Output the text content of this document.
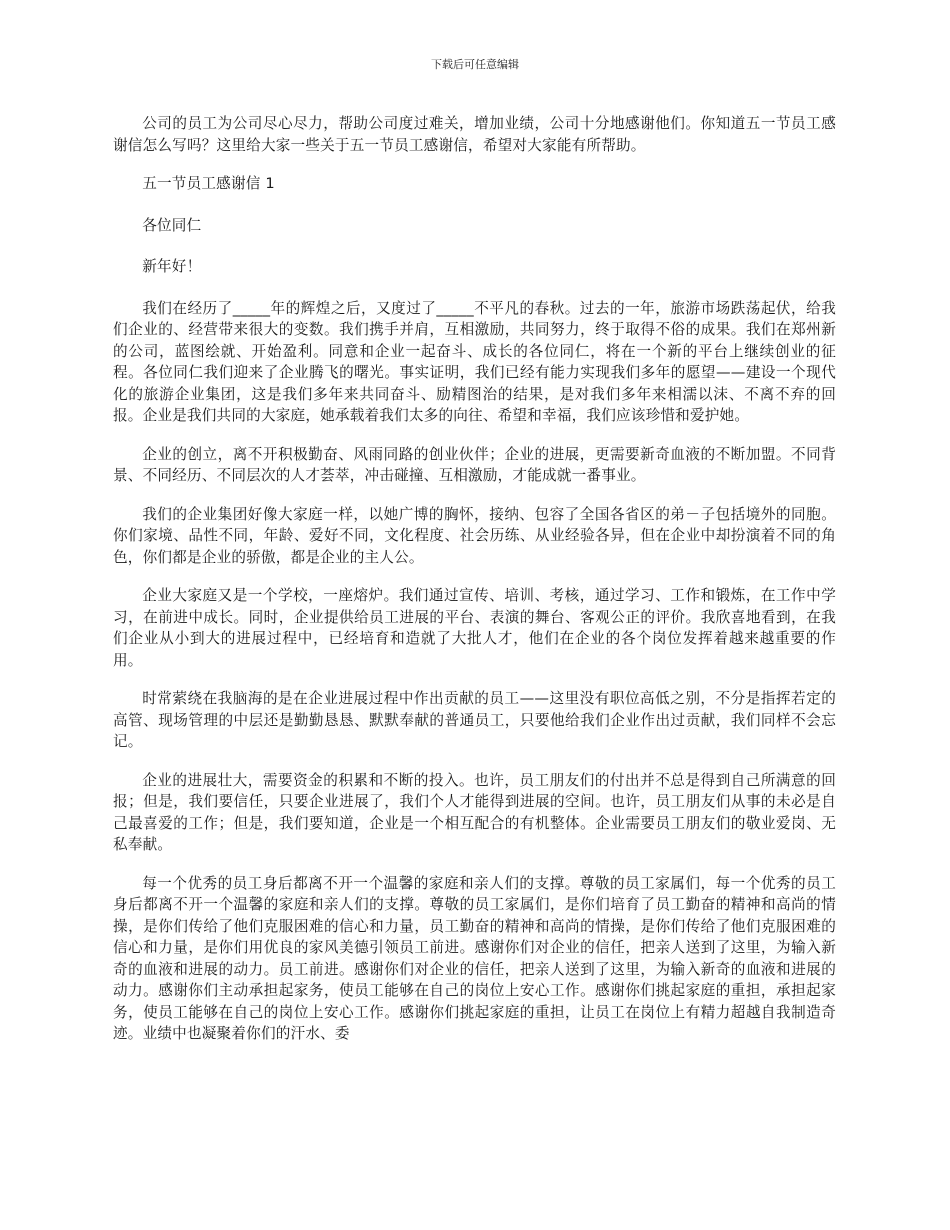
下载后可任意编辑

公司的员工为公司尽心尽力，帮助公司度过难关，增加业绩，公司十分地感谢他们。你知道五一节员工感谢信怎么写吗？这里给大家一些关于五一节员工感谢信，希望对大家能有所帮助。

五一节员工感谢信 1

各位同仁

新年好！

我们在经历了_____年的辉煌之后，又度过了_____不平凡的春秋。过去的一年，旅游市场跌荡起伏，给我们企业的、经营带来很大的变数。我们携手并肩，互相激励，共同努力，终于取得不俗的成果。我们在郑州新的公司，蓝图绘就、开始盈利。同意和企业一起奋斗、成长的各位同仁，将在一个新的平台上继续创业的征程。各位同仁我们迎来了企业腾飞的曙光。事实证明，我们已经有能力实现我们多年的愿望——建设一个现代化的旅游企业集团，这是我们多年来共同奋斗、励精图治的结果，是对我们多年来相濡以沫、不离不弃的回报。企业是我们共同的大家庭，她承载着我们太多的向往、希望和幸福，我们应该珍惜和爱护她。

企业的创立，离不开积极勤奋、风雨同路的创业伙伴；企业的进展，更需要新奇血液的不断加盟。不同背景、不同经历、不同层次的人才荟萃，冲击碰撞、互相激励，才能成就一番事业。

我们的企业集团好像大家庭一样，以她广博的胸怀，接纳、包容了全国各省区的弟－子包括境外的同胞。你们家境、品性不同，年龄、爱好不同，文化程度、社会历练、从业经验各异，但在企业中却扮演着不同的角色，你们都是企业的骄傲，都是企业的主人公。

企业大家庭又是一个学校，一座熔炉。我们通过宣传、培训、考核，通过学习、工作和锻炼，在工作中学习，在前进中成长。同时，企业提供给员工进展的平台、表演的舞台、客观公正的评价。我欣喜地看到，在我们企业从小到大的进展过程中，已经培育和造就了大批人才，他们在企业的各个岗位发挥着越来越重要的作用。

时常萦绕在我脑海的是在企业进展过程中作出贡献的员工——这里没有职位高低之别，不分是指挥若定的高管、现场管理的中层还是勤勤恳恳、默默奉献的普通员工，只要他给我们企业作出过贡献，我们同样不会忘记。

企业的进展壮大，需要资金的积累和不断的投入。也许，员工朋友们的付出并不总是得到自己所满意的回报；但是，我们要信任，只要企业进展了，我们个人才能得到进展的空间。也许，员工朋友们从事的未必是自己最喜爱的工作；但是，我们要知道，企业是一个相互配合的有机整体。企业需要员工朋友们的敬业爱岗、无私奉献。

每一个优秀的员工身后都离不开一个温馨的家庭和亲人们的支撑。尊敬的员工家属们，每一个优秀的员工身后都离不开一个温馨的家庭和亲人们的支撑。尊敬的员工家属们，是你们培育了员工勤奋的精神和高尚的情操，是你们传给了他们克服困难的信心和力量，员工勤奋的精神和高尚的情操，是你们传给了他们克服困难的信心和力量，是你们用优良的家风美德引领员工前进。感谢你们对企业的信任，把亲人送到了这里，为输入新奇的血液和进展的动力。员工前进。感谢你们对企业的信任，把亲人送到了这里，为输入新奇的血液和进展的动力。感谢你们主动承担起家务，使员工能够在自己的岗位上安心工作。感谢你们挑起家庭的重担，承担起家务，使员工能够在自己的岗位上安心工作。感谢你们挑起家庭的重担，让员工在岗位上有精力超越自我制造奇迹。业绩中也凝聚着你们的汗水、委
